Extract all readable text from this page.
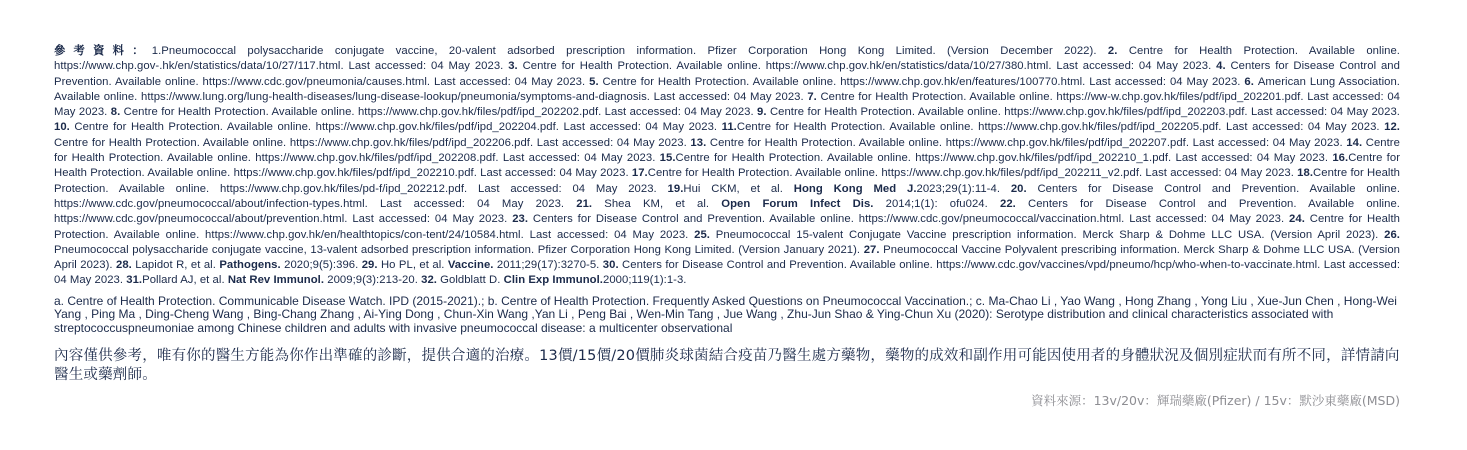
參考資料：1.Pneumococcal polysaccharide conjugate vaccine, 20-valent adsorbed prescription information. Pfizer Corporation Hong Kong Limited. (Version December 2022). 2. Centre for Health Protection. Available online. https://www.chp.gov-.hk/en/statistics/data/10/27/117.html. Last accessed: 04 May 2023. 3. Centre for Health Protection. Available online. https://www.chp.gov.hk/en/statistics/data/10/27/380.html. Last accessed: 04 May 2023. 4. Centers for Disease Control and Prevention. Available online. https://www.cdc.gov/pneumonia/causes.html. Last accessed: 04 May 2023. 5. Centre for Health Protection. Available online. https://www.chp.gov.hk/en/features/100770.html. Last accessed: 04 May 2023. 6. American Lung Association. Available online. https://www.lung.org/lung-health-diseases/lung-disease-lookup/pneumonia/symptoms-and-diagnosis. Last accessed: 04 May 2023. 7. Centre for Health Protection. Available online. https://ww-w.chp.gov.hk/files/pdf/ipd_202201.pdf. Last accessed: 04 May 2023. 8. Centre for Health Protection. Available online. https://www.chp.gov.hk/files/pdf/ipd_202202.pdf. Last accessed: 04 May 2023. 9. Centre for Health Protection. Available online. https://www.chp.gov.hk/files/pdf/ipd_202203.pdf. Last accessed: 04 May 2023. 10. Centre for Health Protection. Available online. https://www.chp.gov.hk/files/pdf/ipd_202204.pdf. Last accessed: 04 May 2023. 11.Centre for Health Protection. Available online. https://www.chp.gov.hk/files/pdf/ipd_202205.pdf. Last accessed: 04 May 2023. 12. Centre for Health Protection. Available online. https://www.chp.gov.hk/files/pdf/ipd_202206.pdf. Last accessed: 04 May 2023. 13. Centre for Health Protection. Available online. https://www.chp.gov.hk/files/pdf/ipd_202207.pdf. Last accessed: 04 May 2023. 14. Centre for Health Protection. Available online. https://www.chp.gov.hk/files/pdf/ipd_202208.pdf. Last accessed: 04 May 2023. 15.Centre for Health Protection. Available online. https://www.chp.gov.hk/files/pdf/ipd_202210_1.pdf. Last accessed: 04 May 2023. 16.Centre for Health Protection. Available online. https://www.chp.gov.hk/files/pdf/ipd_202210.pdf. Last accessed: 04 May 2023. 17.Centre for Health Protection. Available online. https://www.chp.gov.hk/files/pdf/ipd_202211_v2.pdf. Last accessed: 04 May 2023. 18.Centre for Health Protection. Available online. https://www.chp.gov.hk/files/pd-f/ipd_202212.pdf. Last accessed: 04 May 2023. 19.Hui CKM, et al. Hong Kong Med J.2023;29(1):11-4. 20. Centers for Disease Control and Prevention. Available online. https://www.cdc.gov/pneumococcal/about/infection-types.html. Last accessed: 04 May 2023. 21. Shea KM, et al. Open Forum Infect Dis. 2014;1(1): ofu024. 22. Centers for Disease Control and Prevention. Available online. https://www.cdc.gov/pneumococcal/about/prevention.html. Last accessed: 04 May 2023. 23. Centers for Disease Control and Prevention. Available online. https://www.cdc.gov/pneumococcal/vaccination.html. Last accessed: 04 May 2023. 24. Centre for Health Protection. Available online. https://www.chp.gov.hk/en/healthtopics/con-tent/24/10584.html. Last accessed: 04 May 2023. 25. Pneumococcal 15-valent Conjugate Vaccine prescription information. Merck Sharp & Dohme LLC USA. (Version April 2023). 26. Pneumococcal polysaccharide conjugate vaccine, 13-valent adsorbed prescription information. Pfizer Corporation Hong Kong Limited. (Version January 2021). 27. Pneumococcal Vaccine Polyvalent prescribing information. Merck Sharp & Dohme LLC USA. (Version April 2023). 28. Lapidot R, et al. Pathogens. 2020;9(5):396. 29. Ho PL, et al. Vaccine. 2011;29(17):3270-5. 30. Centers for Disease Control and Prevention. Available online. https://www.cdc.gov/vaccines/vpd/pneumo/hcp/who-when-to-vaccinate.html. Last accessed: 04 May 2023. 31.Pollard AJ, et al. Nat Rev Immunol. 2009;9(3):213-20. 32. Goldblatt D. Clin Exp Immunol.2000;119(1):1-3.

a. Centre of Health Protection. Communicable Disease Watch. IPD (2015-2021).; b. Centre of Health Protection. Frequently Asked Questions on Pneumococcal Vaccination.; c. Ma-Chao Li , Yao Wang , Hong Zhang , Yong Liu , Xue-Jun Chen , Hong-Wei Yang , Ping Ma , Ding-Cheng Wang , Bing-Chang Zhang , Ai-Ying Dong , Chun-Xin Wang ,Yan Li , Peng Bai , Wen-Min Tang , Jue Wang , Zhu-Jun Shao & Ying-Chun Xu (2020): Serotype distribution and clinical characteristics associated with streptococcuspneumoniae among Chinese children and adults with invasive pneumococcal disease: a multicenter observational

內容僅供參考，唯有你的醫生方能為你作出準確的診斷，提供合適的治療。13價/15價/20價肺炎球菌結合疫苗乃醫生處方藥物，藥物的成效和副作用可能因使用者的身體狀況及個別症狀而有所不同，詳情請向醫生或藥劑師。
資料來源：13v/20v：輝瑞藥廠(Pfizer) / 15v：默沙東藥廠(MSD)
